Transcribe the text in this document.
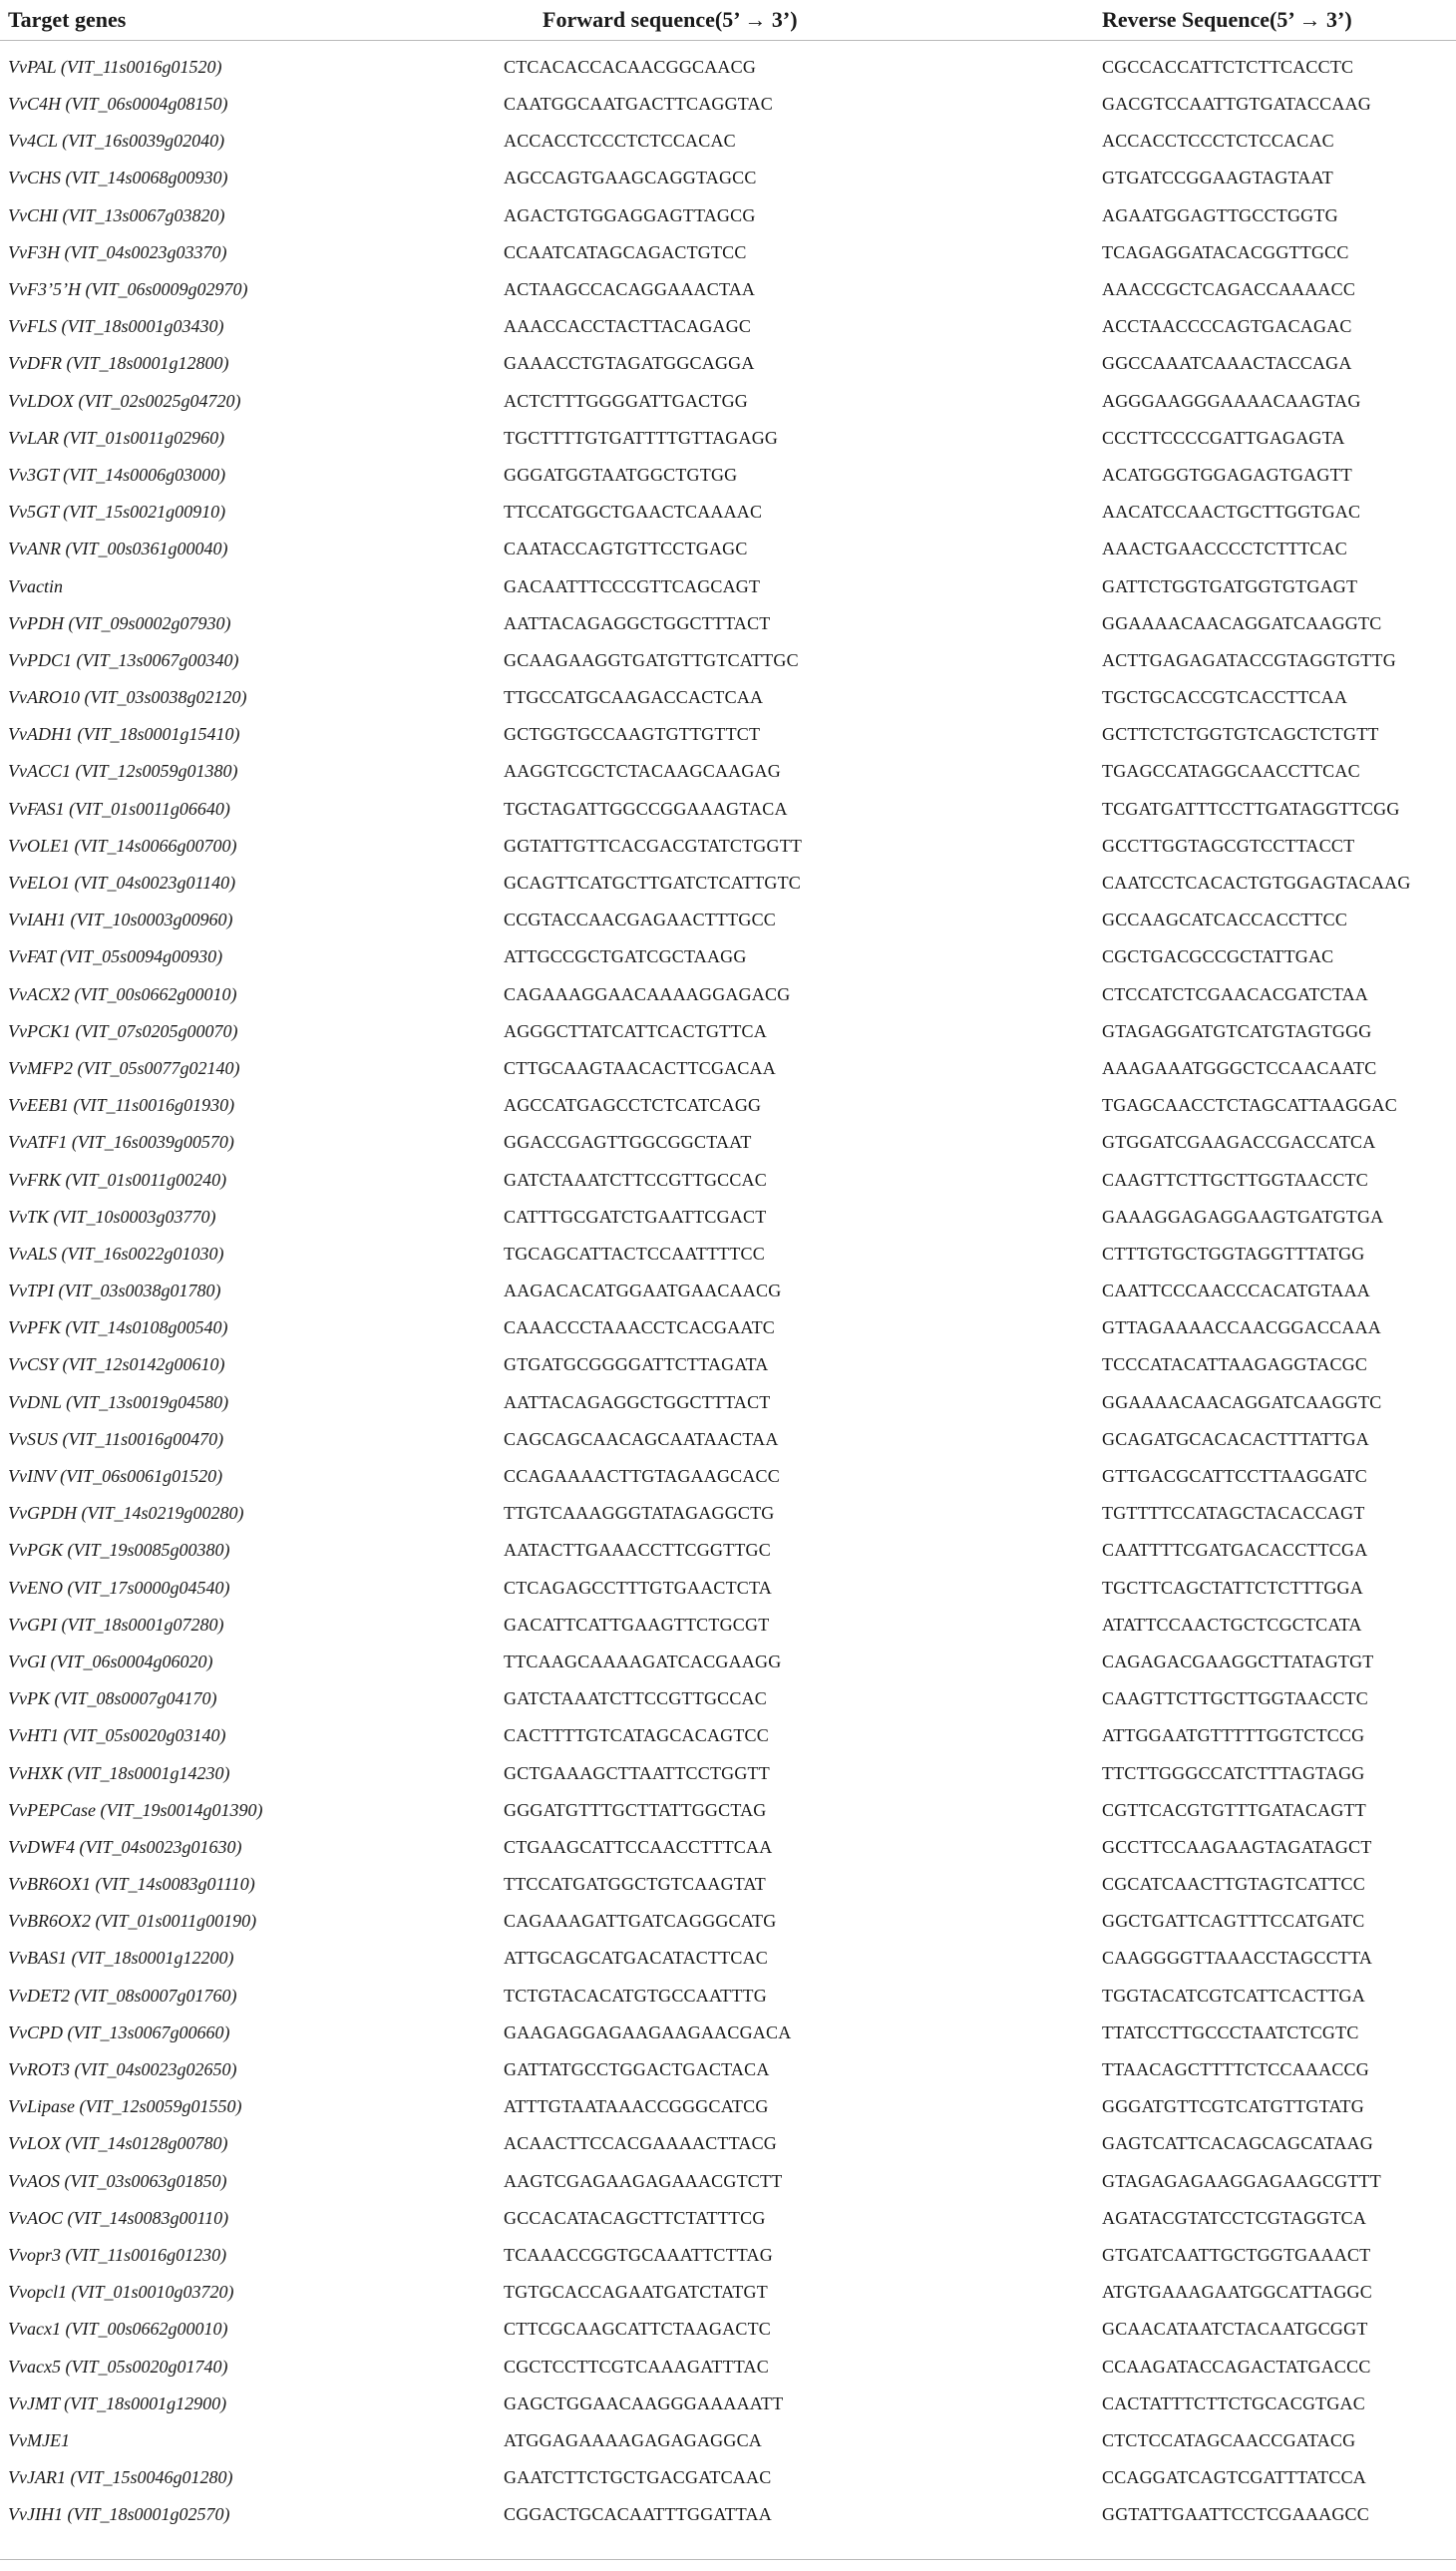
Target genes	Forward sequence(5’ → 3’)	Reverse Sequence(5’ → 3’)
VvPAL (VIT_11s0016g01520)	CTCACACCACAACGGCAACG	CGCCACCATTCTCTTCACCTC
VvC4H (VIT_06s0004g08150)	CAATGGCAATGACTTCAGGTAC	GACGTCCAATTGTGATACCAAG
Vv4CL (VIT_16s0039g02040)	ACCACCTCCCTCTCCACAC	ACCACCTCCCTCTCCACAC
VvCHS (VIT_14s0068g00930)	AGCCAGTGAAGCAGGTAGCC	GTGATCCGGAAGTAGTAAT
VvCHI (VIT_13s0067g03820)	AGACTGTGGAGGAGTTAGCG	AGAATGGAGTTGCCTGGTG
VvF3H (VIT_04s0023g03370)	CCAATCATAGCAGACTGTCC	TCAGAGGATACACGGTTGCC
VvF3’5’H (VIT_06s0009g02970)	ACTAAGCCACAGGAAACTAA	AAACCGCTCAGACCAAAACC
VvFLS (VIT_18s0001g03430)	AAACCACCTACTTACAGAGC	ACCTAACCCCAGTGACAGAC
VvDFR (VIT_18s0001g12800)	GAAACCTGTAGATGGCAGGA	GGCCAAATCAAACTACCAGA
VvLDOX (VIT_02s0025g04720)	ACTCTTTGGGGATTGACTGG	AGGGAAGGGAAAACAAGTAG
VvLAR (VIT_01s0011g02960)	TGCTTTTGTGATTTTGTTAGAGG	CCCTTCCCCGATTGAGAGTA
Vv3GT (VIT_14s0006g03000)	GGGATGGTAATGGCTGTGG	ACATGGGTGGAGAGTGAGTT
Vv5GT (VIT_15s0021g00910)	TTCCATGGCTGAACTCAAAAC	AACATCCAACTGCTTGGTGAC
VvANR (VIT_00s0361g00040)	CAATACCAGTGTTCCTGAGC	AAACTGAACCCCTCTTTCAC
Vvactin	GACAATTTCCCGTTCAGCAGT	GATTCTGGTGATGGTGTGAGT
VvPDH (VIT_09s0002g07930)	AATTACAGAGGCTGGCTTTACT	GGAAAACAACAGGATCAAGGTC
VvPDC1 (VIT_13s0067g00340)	GCAAGAAGGTGATGTTGTCATTGC	ACTTGAGAGATACCGTAGGTGTTG
VvARO10 (VIT_03s0038g02120)	TTGCCATGCAAGACCACTCAA	TGCTGCACCGTCACCTTCAA
VvADH1 (VIT_18s0001g15410)	GCTGGTGCCAAGTGTTGTTCT	GCTTCTCTGGTGTCAGCTCTGTT
VvACC1 (VIT_12s0059g01380)	AAGGTCGCTCTACAAGCAAGAG	TGAGCCATAGGCAACCTTCAC
VvFAS1 (VIT_01s0011g06640)	TGCTAGATTGGCCGGAAAGTACA	TCGATGATTTCCTTGATAGGTTCGG
VvOLE1 (VIT_14s0066g00700)	GGTATTGTTCACGACGTATCTGGTT	GCCTTGGTAGCGTCCTTACCT
VvELO1 (VIT_04s0023g01140)	GCAGTTCATGCTTGATCTCATTGTC	CAATCCTCACACTGTGGAGTACAAG
VvIAH1 (VIT_10s0003g00960)	CCGTACCAACGAGAACTTTGCC	GCCAAGCATCACCACCTTCC
VvFAT (VIT_05s0094g00930)	ATTGCCGCTGATCGCTAAGG	CGCTGACGCCGCTATTGAC
VvACX2 (VIT_00s0662g00010)	CAGAAAGGAACAAAAGGAGACG	CTCCATCTCGAACACGATCTAA
VvPCK1 (VIT_07s0205g00070)	AGGGCTTATCATTCACTGTTCA	GTAGAGGATGTCATGTAGTGGG
VvMFP2 (VIT_05s0077g02140)	CTTGCAAGTAACACTTCGACAA	AAAGAAATGGGCTCCAACAATC
VvEEB1 (VIT_11s0016g01930)	AGCCATGAGCCTCTCATCAGG	TGAGCAACCTCTAGCATTAAGGAC
VvATF1 (VIT_16s0039g00570)	GGACCGAGTTGGCGGCTAAT	GTGGATCGAAGACCGACCATCA
VvFRK (VIT_01s0011g00240)	GATCTAAATCTTCCGTTGCCAC	CAAGTTCTTGCTTGGTAACCTC
VvTK (VIT_10s0003g03770)	CATTTGCGATCTGAATTCGACT	GAAAGGAGAGGAAGTGATGTGA
VvALS (VIT_16s0022g01030)	TGCAGCATTACTCCAATTTTCC	CTTTGTGCTGGTAGGTTTATGG
VvTPI (VIT_03s0038g01780)	AAGACACATGGAATGAACAACG	CAATTCCCAACCCACATGTAAA
VvPFK (VIT_14s0108g00540)	CAAACCCTAAACCTCACGAATC	GTTAGAAAACCAACGGACCAAA
VvCSY (VIT_12s0142g00610)	GTGATGCGGGGATTCTTAGATA	TCCCATACATTAAGAGGTACGC
VvDNL (VIT_13s0019g04580)	AATTACAGAGGCTGGCTTTACT	GGAAAACAACAGGATCAAGGTC
VvSUS (VIT_11s0016g00470)	CAGCAGCAACAGCAATAACTAA	GCAGATGCACACACTTTATTGA
VvINV (VIT_06s0061g01520)	CCAGAAAACTTGTAGAAGCACC	GTTGACGCATTCCTTAAGGATC
VvGPDH (VIT_14s0219g00280)	TTGTCAAAGGGTATAGAGGCTG	TGTTTTCCATAGCTACACCAGT
VvPGK (VIT_19s0085g00380)	AATACTTGAAACCTTCGGTTGC	CAATTTTCGATGACACCTTCGA
VvENO (VIT_17s0000g04540)	CTCAGAGCCTTTGTGAACTCTA	TGCTTCAGCTATTCTCTTTGGA
VvGPI (VIT_18s0001g07280)	GACATTCATTGAAGTTCTGCGT	ATATTCCAACTGCTCGCTCATA
VvGI (VIT_06s0004g06020)	TTCAAGCAAAAGATCACGAAGG	CAGAGACGAAGGCTTATAGTGT
VvPK (VIT_08s0007g04170)	GATCTAAATCTTCCGTTGCCAC	CAAGTTCTTGCTTGGTAACCTC
VvHT1 (VIT_05s0020g03140)	CACTTTTGTCATAGCACAGTCC	ATTGGAATGTTTTTGGTCTCCG
VvHXK (VIT_18s0001g14230)	GCTGAAAGCTTAATTCCTGGTT	TTCTTGGGCCATCTTTAGTAGG
VvPEPCase (VIT_19s0014g01390)	GGGATGTTTGCTTATTGGCTAG	CGTTCACGTGTTTGATACAGTT
VvDWF4 (VIT_04s0023g01630)	CTGAAGCATTCCAACCTTTCAA	GCCTTCCAAGAAGTAGATAGCT
VvBR6OX1 (VIT_14s0083g01110)	TTCCATGATGGCTGTCAAGTAT	CGCATCAACTTGTAGTCATTCC
VvBR6OX2 (VIT_01s0011g00190)	CAGAAAGATTGATCAGGGCATG	GGCTGATTCAGTTTCCATGATC
VvBAS1 (VIT_18s0001g12200)	ATTGCAGCATGACATACTTCAC	CAAGGGGTTAAACCTAGCCTTA
VvDET2 (VIT_08s0007g01760)	TCTGTACACATGTGCCAATTTG	TGGTACATCGTCATTCACTTGA
VvCPD (VIT_13s0067g00660)	GAAGAGGAGAAGAAGAACGACA	TTATCCTTGCCCTAATCTCGTC
VvROT3 (VIT_04s0023g02650)	GATTATGCCTGGACTGACTACA	TTAACAGCTTTTCTCCAAACCG
VvLipase (VIT_12s0059g01550)	ATTTGTAATAAACCGGGCATCG	GGGATGTTCGTCATGTTGTATG
VvLOX (VIT_14s0128g00780)	ACAACTTCCACGAAAACTTACG	GAGTCATTCACAGCAGCATAAG
VvAOS (VIT_03s0063g01850)	AAGTCGAGAAGAGAAACGTCTT	GTAGAGAGAAGGAGAAGCGTTT
VvAOC (VIT_14s0083g00110)	GCCACATACAGCTTCTATTTCG	AGATACGTATCCTCGTAGGTCA
Vvopr3 (VIT_11s0016g01230)	TCAAACCGGTGCAAATTCTTAG	GTGATCAATTGCTGGTGAAACT
Vvopcl1 (VIT_01s0010g03720)	TGTGCACCAGAATGATCTATGT	ATGTGAAAGAATGGCATTAGGC
Vvacx1 (VIT_00s0662g00010)	CTTCGCAAGCATTCTAAGACTC	GCAACATAATCTACAATGCGGT
Vvacx5 (VIT_05s0020g01740)	CGCTCCTTCGTCAAAGATTTAC	CCAAGATACCAGACTATGACCC
VvJMT (VIT_18s0001g12900)	GAGCTGGAACAAGGGAAAAATT	CACTATTTCTTCTGCACGTGAC
VvMJE1	ATGGAGAAAAGAGAGAGGCA	CTCTCCATAGCAACCGATACG
VvJAR1 (VIT_15s0046g01280)	GAATCTTCTGCTGACGATCAAC	CCAGGATCAGTCGATTTATCCA
VvJIH1 (VIT_18s0001g02570)	CGGACTGCACAATTTGGATTAA	GGTATTGAATTCCTCGAAAGCC
